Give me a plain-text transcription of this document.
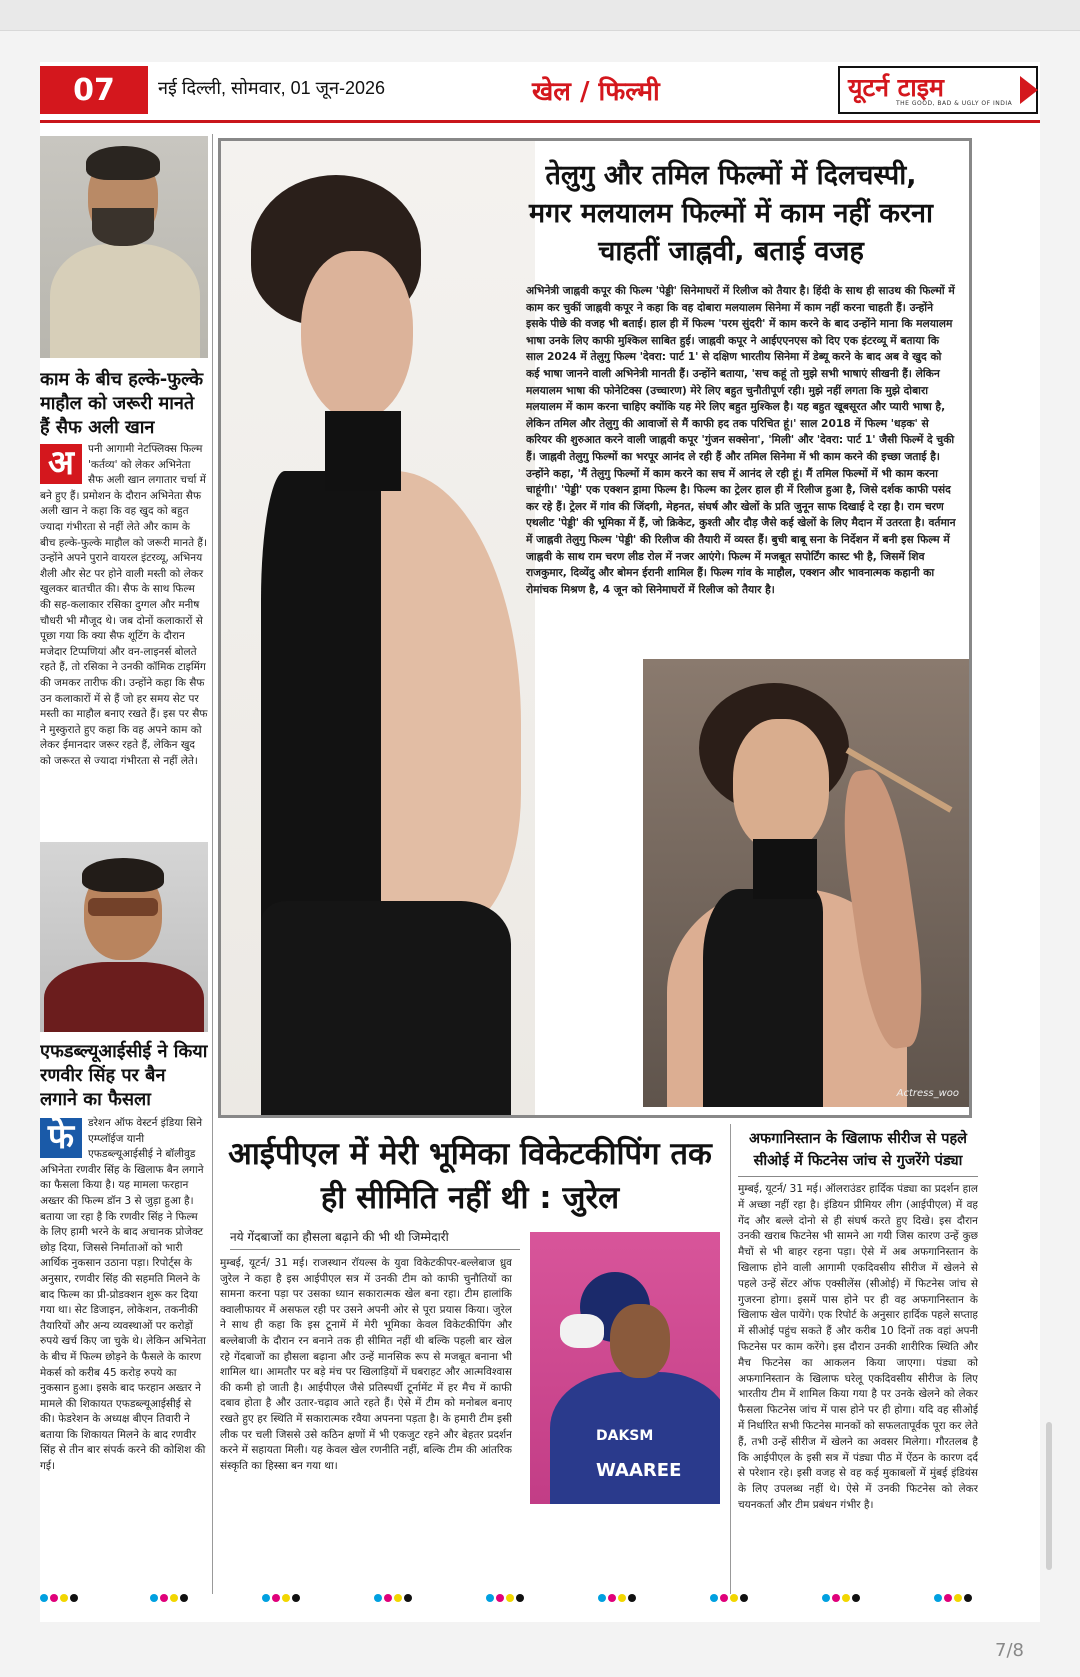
07	नई दिल्ली, सोमवार, 01 जून-2026	खेल / फिल्मी	यूटर्न टाइम
THE GOOD, BAD & UGLY OF INDIA
काम के बीच हल्के-फुल्के माहौल को जरूरी मानते हैं सैफ अली खान
अ	पनी आगामी नेटफ्लिक्स फिल्म 'कर्तव्य' को लेकर अभिनेता सैफ अली खान लगातार चर्चा में बने हुए हैं। प्रमोशन के दौरान अभिनेता सैफ अली खान ने कहा कि वह खुद को बहुत ज्यादा गंभीरता से नहीं लेते और काम के बीच हल्के-फुल्के माहौल को जरूरी मानते हैं। उन्होंने अपने पुराने वायरल इंटरव्यू, अभिनय शैली और सेट पर होने वाली मस्ती को लेकर खुलकर बातचीत की। सैफ के साथ फिल्म की सह-कलाकार रसिका दुग्गल और मनीष चौधरी भी मौजूद थे। जब दोनों कलाकारों से पूछा गया कि क्या सैफ शूटिंग के दौरान मजेदार टिप्पणियां और वन-लाइनर्स बोलते रहते हैं, तो रसिका ने उनकी कॉमिक टाइमिंग की जमकर तारीफ की। उन्होंने कहा कि सैफ उन कलाकारों में से हैं जो हर समय सेट पर मस्ती का माहौल बनाए रखते हैं। इस पर सैफ ने मुस्कुराते हुए कहा कि वह अपने काम को लेकर ईमानदार जरूर रहते हैं, लेकिन खुद को जरूरत से ज्यादा गंभीरता से नहीं लेते।
एफडब्ल्यूआईसीई ने किया रणवीर सिंह पर बैन लगाने का फैसला
फे	डरेशन ऑफ वेस्टर्न इंडिया सिने एम्प्लॉईज यानी एफडब्ल्यूआईसीई ने बॉलीवुड अभिनेता रणवीर सिंह के खिलाफ बैन लगाने का फैसला किया है। यह मामला फरहान अख्तर की फिल्म डॉन 3 से जुड़ा हुआ है। बताया जा रहा है कि रणवीर सिंह ने फिल्म के लिए हामी भरने के बाद अचानक प्रोजेक्ट छोड़ दिया, जिससे निर्माताओं को भारी आर्थिक नुकसान उठाना पड़ा। रिपोर्ट्स के अनुसार, रणवीर सिंह की सहमति मिलने के बाद फिल्म का प्री-प्रोडक्शन शुरू कर दिया गया था। सेट डिजाइन, लोकेशन, तकनीकी तैयारियों और अन्य व्यवस्थाओं पर करोड़ों रुपये खर्च किए जा चुके थे। लेकिन अभिनेता के बीच में फिल्म छोड़ने के फैसले के कारण मेकर्स को करीब 45 करोड़ रुपये का नुकसान हुआ। इसके बाद फरहान अख्तर ने मामले की शिकायत एफडब्ल्यूआईसीई से की। फेडरेशन के अध्यक्ष बीएन तिवारी ने बताया कि शिकायत मिलने के बाद रणवीर सिंह से तीन बार संपर्क करने की कोशिश की गई।
तेलुगु और तमिल फिल्मों में दिलचस्पी, मगर मलयालम फिल्मों में काम नहीं करना चाहतीं जाह्नवी, बताई वजह
अभिनेत्री जाह्नवी कपूर की फिल्म 'पेड्डी' सिनेमाघरों में रिलीज को तैयार है। हिंदी के साथ ही साउथ की फिल्मों में काम कर चुकीं जाह्नवी कपूर ने कहा कि वह दोबारा मलयालम सिनेमा में काम नहीं करना चाहती हैं। उन्होंने इसके पीछे की वजह भी बताई। हाल ही में फिल्म 'परम सुंदरी' में काम करने के बाद उन्होंने माना कि मलयालम भाषा उनके लिए काफी मुश्किल साबित हुई। जाह्नवी कपूर ने आईएएनएस को दिए एक इंटरव्यू में बताया कि साल 2024 में तेलुगु फिल्म 'देवरा: पार्ट 1' से दक्षिण भारतीय सिनेमा में डेब्यू करने के बाद अब वे खुद को कई भाषा जानने वाली अभिनेत्री मानती हैं। उन्होंने बताया, 'सच कहूं तो मुझे सभी भाषाएं सीखनी हैं। लेकिन मलयालम भाषा की फोनेटिक्स (उच्चारण) मेरे लिए बहुत चुनौतीपूर्ण रही। मुझे नहीं लगता कि मुझे दोबारा मलयालम में काम करना चाहिए क्योंकि यह मेरे लिए बहुत मुश्किल है। यह बहुत खूबसूरत और प्यारी भाषा है, लेकिन तमिल और तेलुगु की आवाजों से मैं काफी हद तक परिचित हूं।' साल 2018 में फिल्म 'धड़क' से करियर की शुरुआत करने वाली जाह्नवी कपूर 'गुंजन सक्सेना', 'मिली' और 'देवरा: पार्ट 1' जैसी फिल्में दे चुकी हैं। जाह्नवी तेलुगु फिल्मों का भरपूर आनंद ले रही हैं और तमिल सिनेमा में भी काम करने की इच्छा जताई है। उन्होंने कहा, 'मैं तेलुगु फिल्मों में काम करने का सच में आनंद ले रही हूं। मैं तमिल फिल्मों में भी काम करना चाहूंगी।' 'पेड्डी' एक एक्शन ड्रामा फिल्म है। फिल्म का ट्रेलर हाल ही में रिलीज हुआ है, जिसे दर्शक काफी पसंद कर रहे हैं। ट्रेलर में गांव की जिंदगी, मेहनत, संघर्ष और खेलों के प्रति जुनून साफ दिखाई दे रहा है। राम चरण एथलीट 'पेड्डी' की भूमिका में हैं, जो क्रिकेट, कुश्ती और दौड़ जैसे कई खेलों के लिए मैदान में उतरता है। वर्तमान में जाह्नवी तेलुगु फिल्म 'पेड्डी' की रिलीज की तैयारी में व्यस्त हैं। बुची बाबू सना के निर्देशन में बनी इस फिल्म में जाह्नवी के साथ राम चरण लीड रोल में नजर आएंगे। फिल्म में मजबूत सपोर्टिंग कास्ट भी है, जिसमें शिव राजकुमार, दिव्येंदु और बोमन ईरानी शामिल हैं। फिल्म गांव के माहौल, एक्शन और भावनात्मक कहानी का रोमांचक मिश्रण है, 4 जून को सिनेमाघरों में रिलीज को तैयार है।
Actress_woo
आईपीएल में मेरी भूमिका विकेटकीपिंग तक ही सीमिति नहीं थी : जुरेल
नये गेंदबाजों का हौसला बढ़ाने की भी थी जिम्मेदारी
मुम्बई, यूटर्न/ 31 मई। राजस्थान रॉयल्स के युवा विकेटकीपर-बल्लेबाज ध्रुव जुरेल ने कहा है इस आईपीएल सत्र में उनकी टीम को काफी चुनौतियों का सामना करना पड़ा पर उसका ध्यान सकारात्मक खेल बना रहा। टीम हालांकि क्वालीफायर में असफल रही पर उसने अपनी ओर से पूरा प्रयास किया। जुरेल ने साथ ही कहा कि इस टूनामें में मेरी भूमिका केवल विकेटकीपिंग और बल्लेबाजी के दौरान रन बनाने तक ही सीमित नहीं थी बल्कि पहली बार खेल रहे गेंदबाजों का हौसला बढ़ाना और उन्हें मानसिक रूप से मजबूत बनाना भी शामिल था। आमतौर पर बड़े मंच पर खिलाड़ियों में घबराहट और आत्मविश्वास की कमी हो जाती है। आईपीएल जैसे प्रतिस्पर्धी टूर्नामेंट में हर मैच में काफी दबाव होता है और उतार-चढ़ाव आते रहते हैं। ऐसे में टीम को मनोबल बनाए रखते हुए हर स्थिति में सकारात्मक रवैया अपनना पड़ता है। के हमारी टीम इसी लीक पर चली जिससे उसे कठिन क्षणों में भी एकजुट रहने और बेहतर प्रदर्शन करने में सहायता मिली। यह केवल खेल रणनीति नहीं, बल्कि टीम की आंतरिक संस्कृति का हिस्सा बन गया था।
DAKSM
WAAREE
अफगानिस्तान के खिलाफ सीरीज से पहले सीओई में फिटनेस जांच से गुजरेंगे पंड्या
मुम्बई, यूटर्न/ 31 मई। ऑलराउंडर हार्दिक पंड्या का प्रदर्शन हाल में अच्छा नहीं रहा है। इंडियन प्रीमियर लीग (आईपीएल) में वह गेंद और बल्ले दोनो से ही संघर्ष करते हुए दिखे। इस दौरान उनकी खराब फिटनेस भी सामने आ गयी जिस कारण उन्हें कुछ मैचों से भी बाहर रहना पड़ा। ऐसे में अब अफगानिस्तान के खिलाफ होने वाली आगामी एकदिवसीय सीरीज में खेलने से पहले उन्हें सेंटर ऑफ एक्सीलेंस (सीओई) में फिटनेस जांच से गुजरना होगा। इसमें पास होने पर ही वह अफगानिस्तान के खिलाफ खेल पायेंगे। एक रिपोर्ट के अनुसार हार्दिक पहले सप्ताह में सीओई पहुंच सकते हैं और करीब 10 दिनों तक वहां अपनी फिटनेस पर काम करेंगे। इस दौरान उनकी शारीरिक स्थिति और मैच फिटनेस का आकलन किया जाएगा। पंड्या को अफगानिस्तान के खिलाफ घरेलू एकदिवसीय सीरीज के लिए भारतीय टीम में शामिल किया गया है पर उनके खेलने को लेकर फैसला फिटनेस जांच में पास होने पर ही होगा। यदि वह सीओई में निर्धारित सभी फिटनेस मानकों को सफलतापूर्वक पूरा कर लेते हैं, तभी उन्हें सीरीज में खेलने का अवसर मिलेगा। गौरतलब है कि आईपीएल के इसी सत्र में पंड्या पीठ में ऐंठन के कारण दर्द से परेशान रहे। इसी वजह से वह कई मुकाबलों में मुंबई इंडियंस के लिए उपलब्ध नहीं थे। ऐसे में उनकी फिटनेस को लेकर चयनकर्ता और टीम प्रबंधन गंभीर है।
7/8
